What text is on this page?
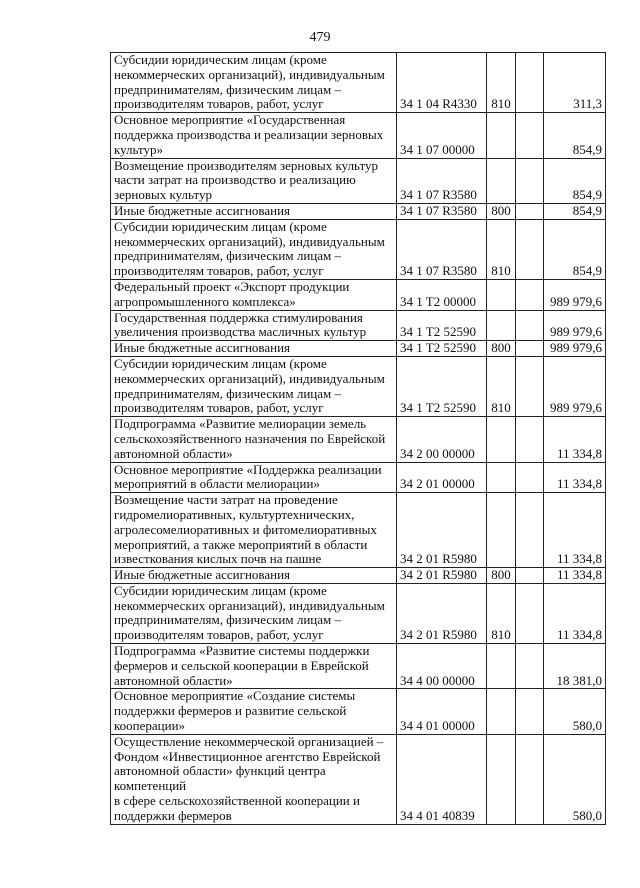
479
Субсидии юридическим лицам (кроме
некоммерческих организаций), индивидуальным
предпринимателям, физическим лицам –
производителям товаров, работ, услуг	34 1 04 R4330	810		311,3
Основное мероприятие «Государственная
поддержка производства и реализации зерновых
культур»	34 1 07 00000			854,9
Возмещение производителям зерновых культур
части затрат на производство и реализацию
зерновых культур	34 1 07 R3580			854,9
Иные бюджетные ассигнования	34 1 07 R3580	800		854,9
Субсидии юридическим лицам (кроме
некоммерческих организаций), индивидуальным
предпринимателям, физическим лицам –
производителям товаров, работ, услуг	34 1 07 R3580	810		854,9
Федеральный проект «Экспорт продукции
агропромышленного комплекса»	34 1 T2 00000			989 979,6
Государственная поддержка стимулирования
увеличения производства масличных культур	34 1 T2 52590			989 979,6
Иные бюджетные ассигнования	34 1 T2 52590	800		989 979,6
Субсидии юридическим лицам (кроме
некоммерческих организаций), индивидуальным
предпринимателям, физическим лицам –
производителям товаров, работ, услуг	34 1 T2 52590	810		989 979,6
Подпрограмма «Развитие мелиорации земель
сельскохозяйственного назначения по Еврейской
автономной области»	34 2 00 00000			11 334,8
Основное мероприятие «Поддержка реализации
мероприятий в области мелиорации»	34 2 01 00000			11 334,8
Возмещение части затрат на проведение
гидромелиоративных, культуртехнических,
агролесомелиоративных и фитомелиоративных
мероприятий, а также мероприятий в области
известкования кислых почв на пашне	34 2 01 R5980			11 334,8
Иные бюджетные ассигнования	34 2 01 R5980	800		11 334,8
Субсидии юридическим лицам (кроме
некоммерческих организаций), индивидуальным
предпринимателям, физическим лицам –
производителям товаров, работ, услуг	34 2 01 R5980	810		11 334,8
Подпрограмма «Развитие системы поддержки
фермеров и сельской кооперации в Еврейской
автономной области»	34 4 00 00000			18 381,0
Основное мероприятие «Создание системы
поддержки фермеров и развитие сельской
кооперации»	34 4 01 00000			580,0
Осуществление некоммерческой организацией –
Фондом «Инвестиционное агентство Еврейской
автономной области» функций центра компетенций
в сфере сельскохозяйственной кооперации и
поддержки фермеров	34 4 01 40839			580,0
